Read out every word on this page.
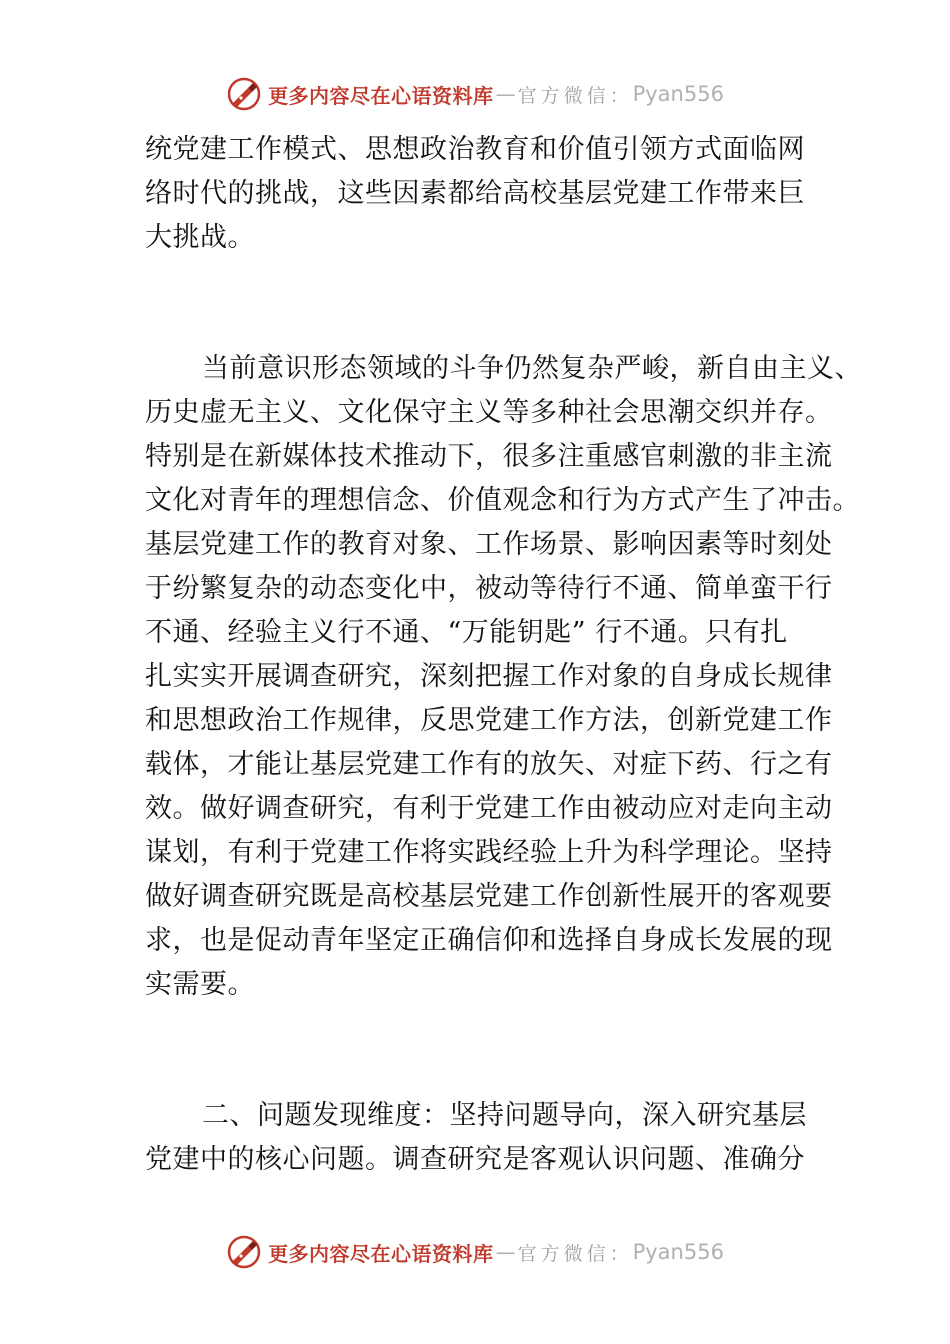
更多内容尽在心语资料库 — 官方微信： Pyan556

统党建工作模式、思想政治教育和价值引领方式面临网
络时代的挑战，这些因素都给高校基层党建工作带来巨
大挑战。

当前意识形态领域的斗争仍然复杂严峻，新自由主义、
历史虚无主义、文化保守主义等多种社会思潮交织并存。
特别是在新媒体技术推动下，很多注重感官刺激的非主流
文化对青年的理想信念、价值观念和行为方式产生了冲击。
基层党建工作的教育对象、工作场景、影响因素等时刻处
于纷繁复杂的动态变化中，被动等待行不通、简单蛮干行
不通、经验主义行不通、“万能钥匙” 行不通。只有扎
扎实实开展调查研究，深刻把握工作对象的自身成长规律
和思想政治工作规律，反思党建工作方法，创新党建工作
载体，才能让基层党建工作有的放矢、对症下药、行之有
效。做好调查研究，有利于党建工作由被动应对走向主动
谋划，有利于党建工作将实践经验上升为科学理论。坚持
做好调查研究既是高校基层党建工作创新性展开的客观要
求，也是促动青年坚定正确信仰和选择自身成长发展的现
实需要。

二、问题发现维度：坚持问题导向，深入研究基层
党建中的核心问题。调查研究是客观认识问题、准确分

更多内容尽在心语资料库 — 官方微信： Pyan556
